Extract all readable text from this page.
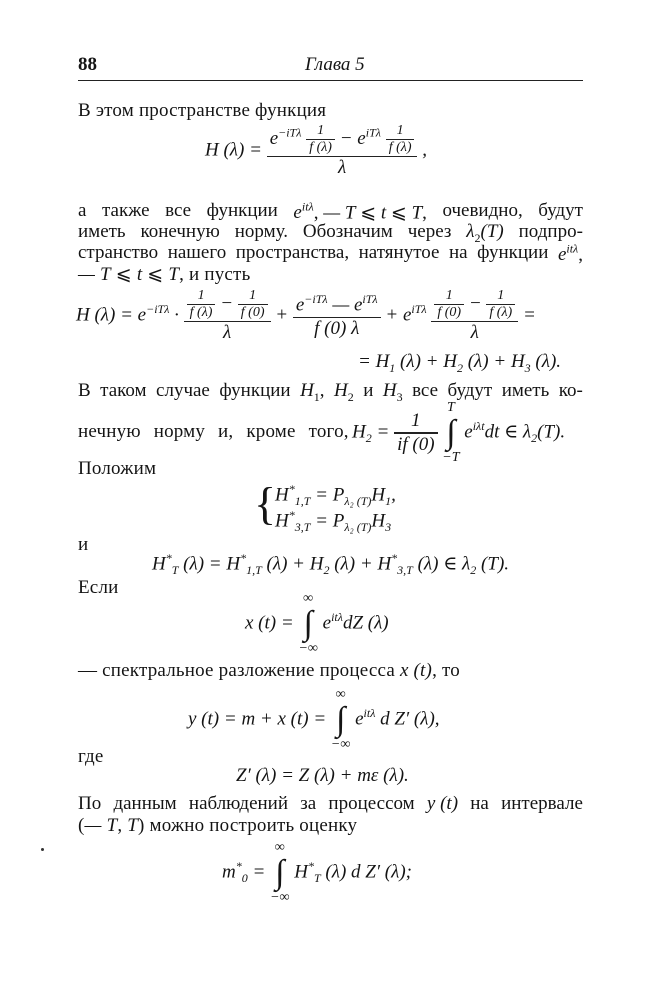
88	Глава 5
В этом пространстве функция
H $(\lambda) = \frac{e^{-iT\lambda} \frac{1}{f (\lambda)} - e^{iT\lambda} \frac{1}{f (\lambda)}}{\lambda}$ ,
а также все функции $e^{it\lambda}$, — T ⩽ t ⩽ T, очевидно, будут
иметь конечную норму. Обозначим через $\lambda_2(T)$ подпро-
странство нашего пространства, натянутое на функции $e^{it\lambda}$,
— T ⩽ t ⩽ T, и пусть
H $(\lambda) = e^{-iT\lambda} \cdot \frac{\frac{1}{f (\lambda)} - \frac{1}{f (0)}}{\lambda} + \frac{e^{-iT\lambda} — e^{iT\lambda}}{f (0) \lambda} + e^{iT\lambda} \frac{\frac{1}{f (0)} - \frac{1}{f (\lambda)}}{\lambda}$ =
= $H_1$ $(\lambda) + H_2$ $(\lambda) + H_3$ (λ).
В таком случае функции $H_1$, $H_2$ и $H_3$ все будут иметь ко-
нечную норму и, кроме того, $H_2 = \frac{1}{if (0)}$

T
∫
−T
$e^{i\lambda t}dt$ ∈ $\lambda_2(T)$.
Положим
{
$H^*_{1,T} = P_{\lambda_2 (T)}H_1$,
$H^*_{3,T} = P_{\lambda_2 (T)}H_3$
и
$H^*_T$ $(\lambda) = H^*_{1,T}$ $(\lambda) + H_2$ $(\lambda) + H^*_{3,T}$ (λ) ∈ $\lambda_2$ (T).
Если
x (t) =
∞
∫
−∞
$e^{it\lambda}dZ$ (λ)
— спектральное разложение процесса x (t), то
y (t) = m + x (t) =
∞
∫
−∞
$e^{it\lambda}$ d Z′ (λ),
где
Z′ (λ) = Z (λ) + mε (λ).
По данным наблюдений за процессом y (t) на интервале
(— T, T) можно построить оценку
$m^*_0$ =
∞
∫
−∞
$H^*_T$ (λ) d Z′ (λ);
